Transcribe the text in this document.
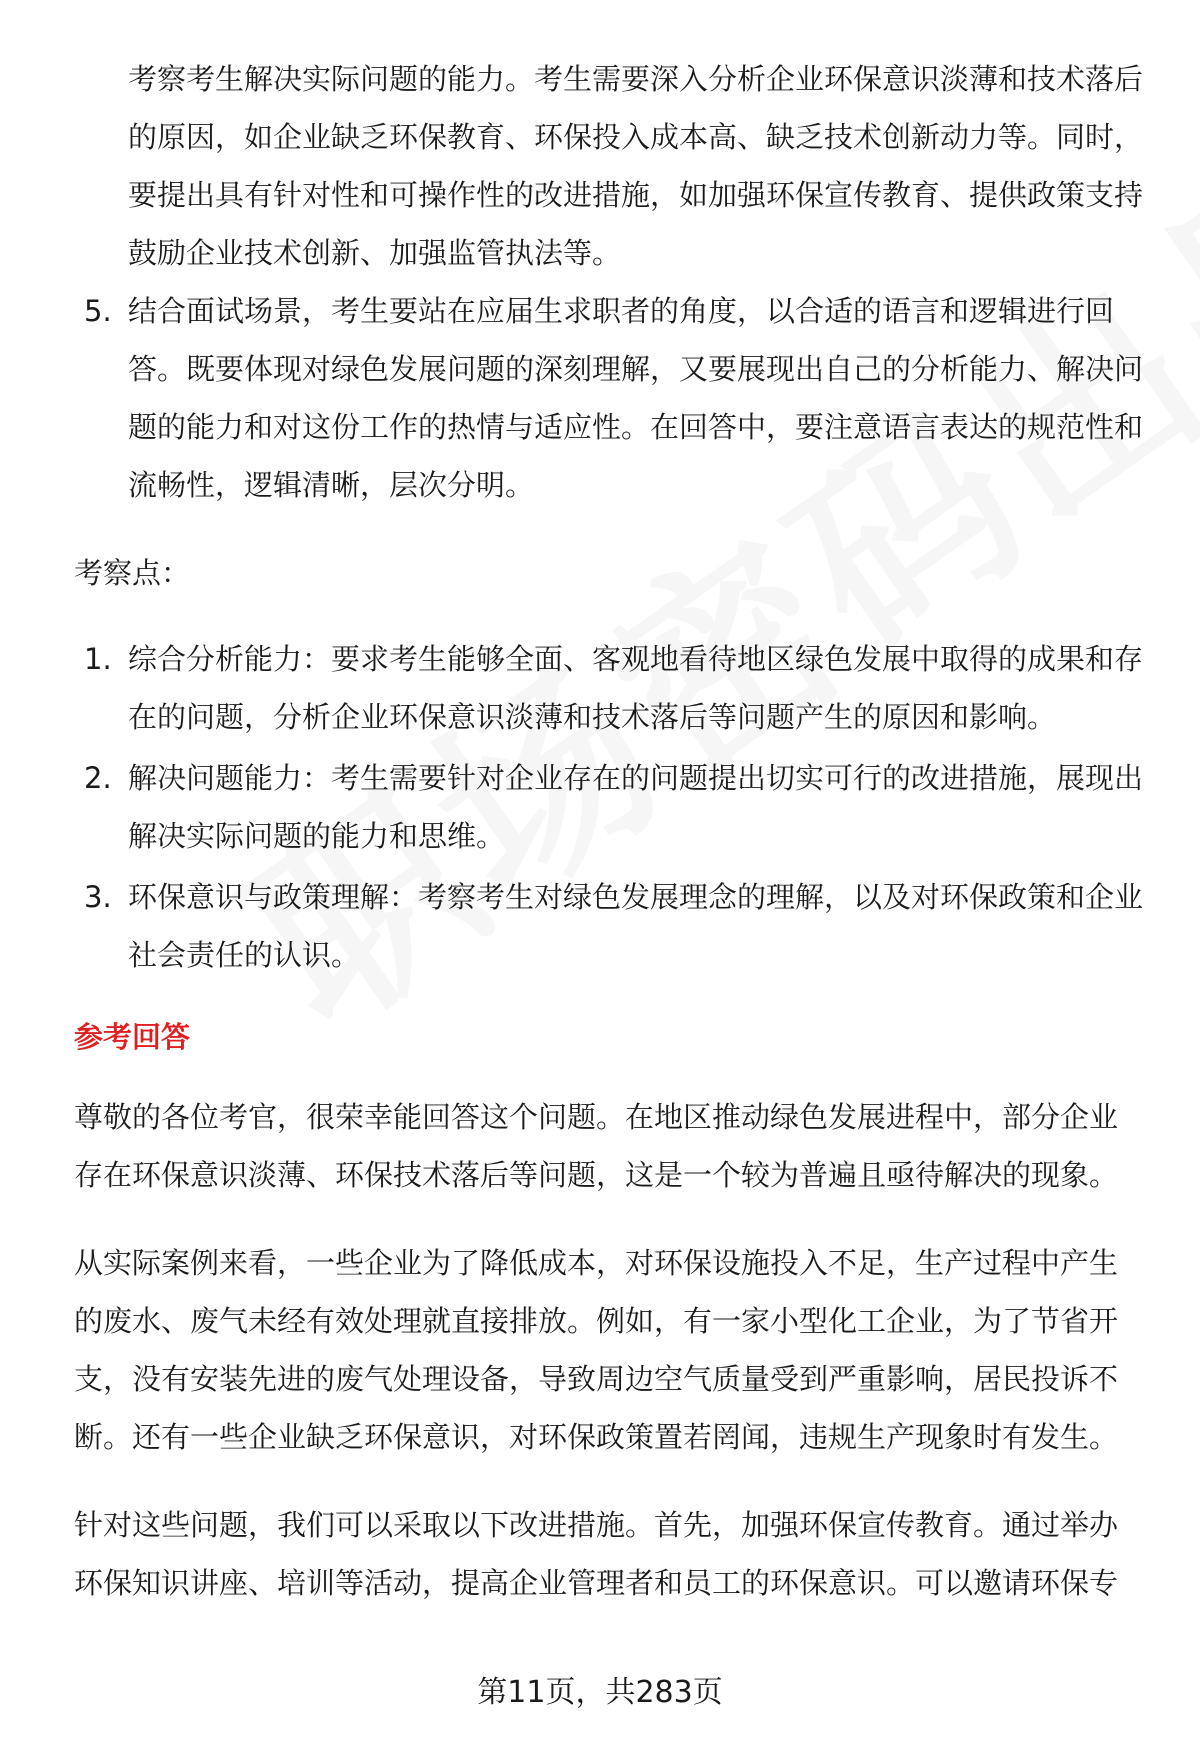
考察考生解决实际问题的能力。考生需要深入分析企业环保意识淡薄和技术落后的原因，如企业缺乏环保教育、环保投入成本高、缺乏技术创新动力等。同时，要提出具有针对性和可操作性的改进措施，如加强环保宣传教育、提供政策支持鼓励企业技术创新、加强监管执法等。

5. 结合面试场景，考生要站在应届生求职者的角度，以合适的语言和逻辑进行回答。既要体现对绿色发展问题的深刻理解，又要展现出自己的分析能力、解决问题的能力和对这份工作的热情与适应性。在回答中，要注意语言表达的规范性和流畅性，逻辑清晰，层次分明。
考察点：
1. 综合分析能力：要求考生能够全面、客观地看待地区绿色发展中取得的成果和存在的问题，分析企业环保意识淡薄和技术落后等问题产生的原因和影响。
2. 解决问题能力：考生需要针对企业存在的问题提出切实可行的改进措施，展现出解决实际问题的能力和思维。
3. 环保意识与政策理解：考察考生对绿色发展理念的理解，以及对环保政策和企业社会责任的认识。
参考回答

尊敬的各位考官，很荣幸能回答这个问题。在地区推动绿色发展进程中，部分企业存在环保意识淡薄、环保技术落后等问题，这是一个较为普遍且亟待解决的现象。

从实际案例来看，一些企业为了降低成本，对环保设施投入不足，生产过程中产生的废水、废气未经有效处理就直接排放。例如，有一家小型化工企业，为了节省开支，没有安装先进的废气处理设备，导致周边空气质量受到严重影响，居民投诉不断。还有一些企业缺乏环保意识，对环保政策置若罔闻，违规生产现象时有发生。

针对这些问题，我们可以采取以下改进措施。首先，加强环保宣传教育。通过举办环保知识讲座、培训等活动，提高企业管理者和员工的环保意识。可以邀请环保专

第11页，共283页
